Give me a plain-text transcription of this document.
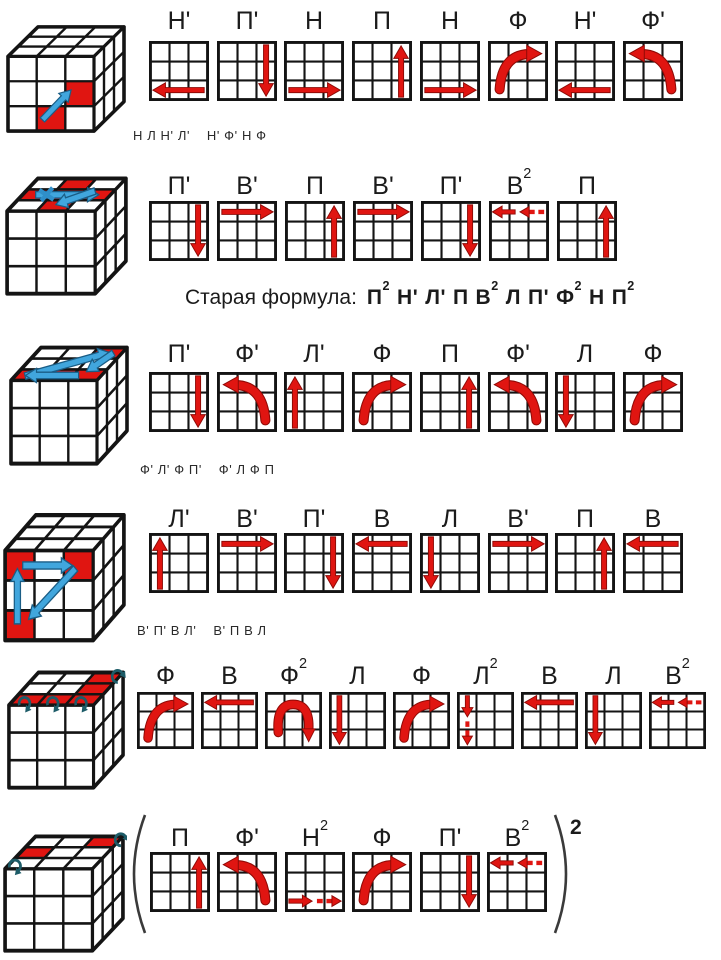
Н'	П'	Н	П	Н	Ф	Н'	Ф'
Н Л Н' Л'    Н' Ф' Н Ф
П'	В'	П	В'	П'	$В^2$	П
П'	Ф'	Л'	Ф	П	Ф'	Л	Ф
Ф' Л' Ф П'    Ф' Л Ф П
Л'	В'	П'	В	Л	В'	П	В
В' П' В Л'    В' П В Л
Ф	В	$Ф^2$	Л	Ф	$Л^2$	В	Л	$В^2$
П	Ф'	$Н^2$	Ф	П'	$В^2$	2
Старая формула: $П^2Н'$ Л' П $В^2Л$ П' $Ф^2Н$ $П^2$
